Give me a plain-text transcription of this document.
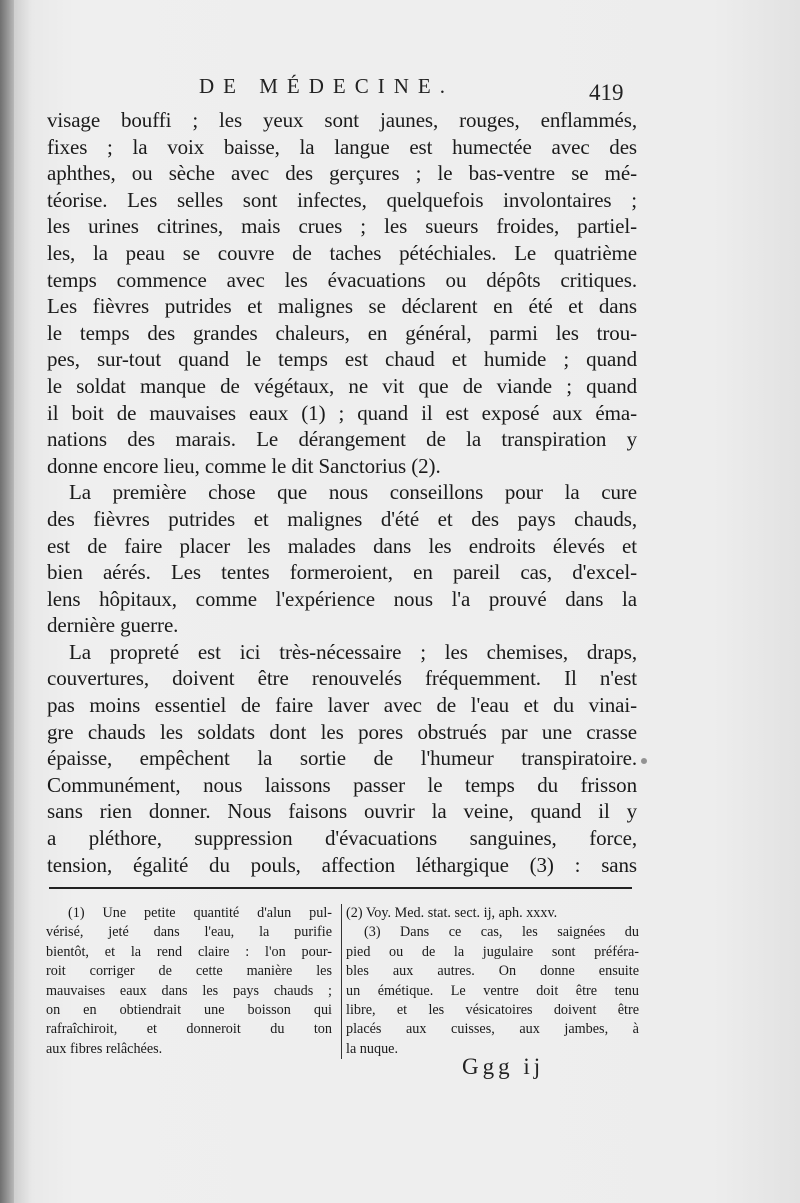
DE MÉDECINE.	419
visage bouffi ; les yeux sont jaunes, rouges, enflammés,
fixes ; la voix baisse, la langue est humectée avec des
aphthes, ou sèche avec des gerçures ; le bas-ventre se mé-
téorise. Les selles sont infectes, quelquefois involontaires ;
les urines citrines, mais crues ; les sueurs froides, partiel-
les, la peau se couvre de taches pétéchiales. Le quatrième
temps commence avec les évacuations ou dépôts critiques.
Les fièvres putrides et malignes se déclarent en été et dans
le temps des grandes chaleurs, en général, parmi les trou-
pes, sur-tout quand le temps est chaud et humide ; quand
le soldat manque de végétaux, ne vit que de viande ; quand
il boit de mauvaises eaux (1) ; quand il est exposé aux éma-
nations des marais. Le dérangement de la transpiration y
donne encore lieu, comme le dit Sanctorius (2).
La première chose que nous conseillons pour la cure
des fièvres putrides et malignes d'été et des pays chauds,
est de faire placer les malades dans les endroits élevés et
bien aérés. Les tentes formeroient, en pareil cas, d'excel-
lens hôpitaux, comme l'expérience nous l'a prouvé dans la
dernière guerre.
La propreté est ici très-nécessaire ; les chemises, draps,
couvertures, doivent être renouvelés fréquemment. Il n'est
pas moins essentiel de faire laver avec de l'eau et du vinai-
gre chauds les soldats dont les pores obstrués par une crasse
épaisse, empêchent la sortie de l'humeur transpiratoire.
Communément, nous laissons passer le temps du frisson
sans rien donner. Nous faisons ouvrir la veine, quand il y
a pléthore, suppression d'évacuations sanguines, force,
tension, égalité du pouls, affection léthargique (3) : sans
(1) Une petite quantité d'alun pul-
vérisé, jeté dans l'eau, la purifie
bientôt, et la rend claire : l'on pour-
roit corriger de cette manière les
mauvaises eaux dans les pays chauds ;
on en obtiendrait une boisson qui
rafraîchiroit, et donneroit du ton
aux fibres relâchées.
(2) Voy. Med. stat. sect. ij, aph. xxxv.
(3) Dans ce cas, les saignées du
pied ou de la jugulaire sont préféra-
bles aux autres. On donne ensuite
un émétique. Le ventre doit être tenu
libre, et les vésicatoires doivent être
placés aux cuisses, aux jambes, à
la nuque.
Ggg ij
